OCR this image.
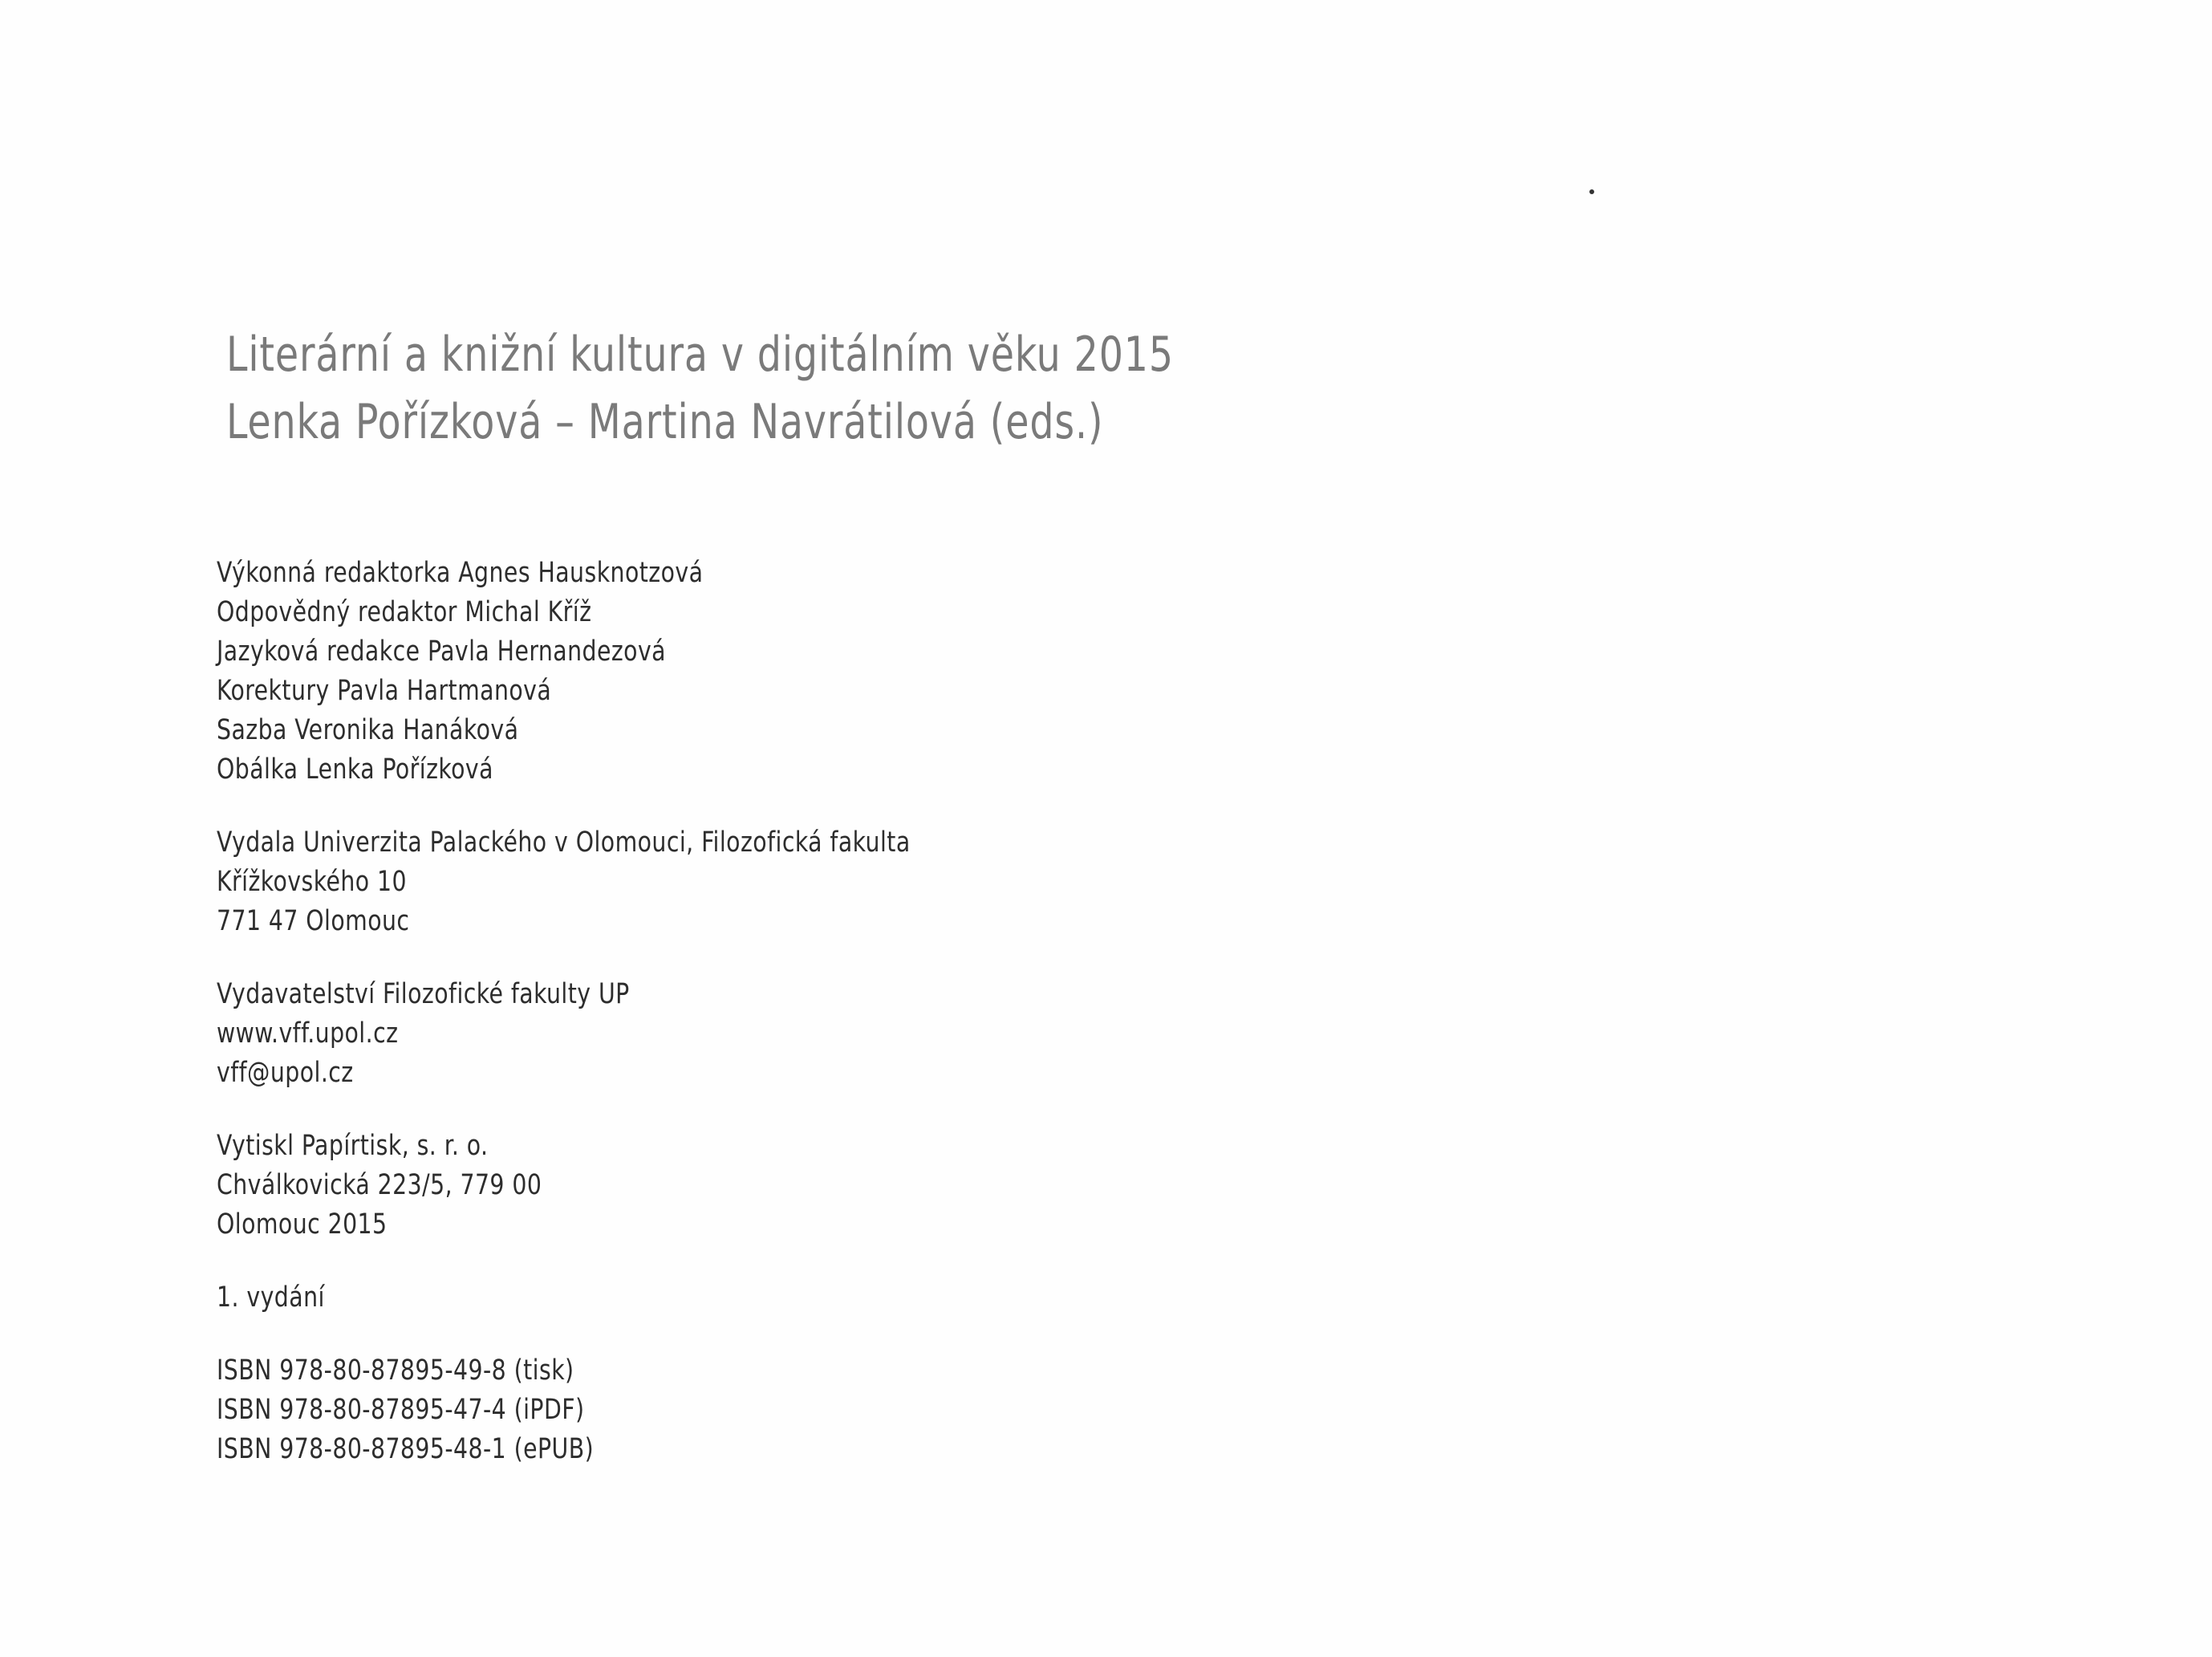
Literární a knižní kultura v digitálním věku 2015
Lenka Pořízková – Martina Navrátilová (eds.)
Výkonná redaktorka Agnes Hausknotzová
Odpovědný redaktor Michal Kříž
Jazyková redakce Pavla Hernandezová
Korektury Pavla Hartmanová
Sazba Veronika Hanáková
Obálka Lenka Pořízková
Vydala Univerzita Palackého v Olomouci, Filozofická fakulta
Křížkovského 10
771 47 Olomouc
Vydavatelství Filozofické fakulty UP
www.vff.upol.cz
vff@upol.cz
Vytiskl Papírtisk, s. r. o.
Chválkovická 223/5, 779 00
Olomouc 2015
1. vydání
ISBN 978-80-87895-49-8 (tisk)
ISBN 978-80-87895-47-4 (iPDF)
ISBN 978-80-87895-48-1 (ePUB)
